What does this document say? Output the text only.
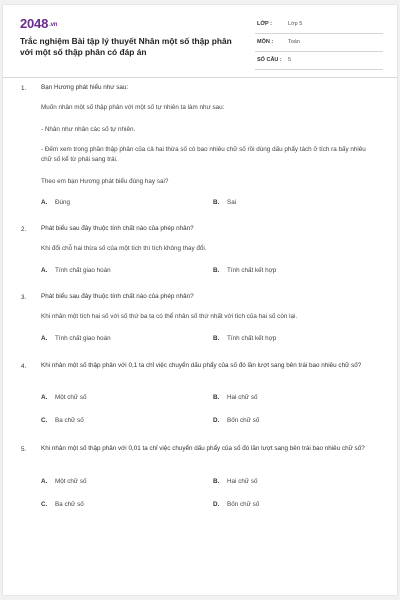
2048.vn
Trắc nghiệm Bài tập lý thuyết Nhân một số thập phân với một số thập phân có đáp án
LỚP :	Lớp 5
MÔN :	Toán
SỐ CÂU : 5
1. Bạn Hương phát hiểu như sau:
Muốn nhân một số thập phân với một số tự nhiên ta làm như sau:
- Nhân như nhân các số tự nhiên.
- Đếm xem trong phần thập phân của cả hai thừa số có bao nhiêu chữ số rồi dùng dấu phẩy tách ở tích ra bấy nhiêu chữ số kể từ phải sang trái.
Theo em bạn Hương phát biểu đúng hay sai?
A. Đúng	B. Sai
2. Phát biểu sau đây thuộc tính chất nào của phép nhân?
Khi đổi chỗ hai thừa số của một tích thì tích không thay đổi.
A. Tính chất giao hoán	B. Tính chất kết hợp
3. Phát biểu sau đây thuộc tính chất nào của phép nhân?
Khi nhân một tích hai số với số thứ ba ta có thể nhân số thứ nhất với tích của hai số còn lại.
A. Tính chất giao hoán	B. Tính chất kết hợp
4. Khi nhân một số thập phân với 0,1 ta chỉ việc chuyển dấu phẩy của số đó lần lượt sang bên trái bao nhiêu chữ số?
A. Một chữ số	B. Hai chữ số
C. Ba chữ số	D. Bốn chữ số
5. Khi nhân một số thập phân với 0,01 ta chỉ việc chuyển dấu phẩy của số đó lần lượt sang bên trái bao nhiêu chữ số?
A. Một chữ số	B. Hai chữ số
C. Ba chữ số	D. Bốn chữ số
